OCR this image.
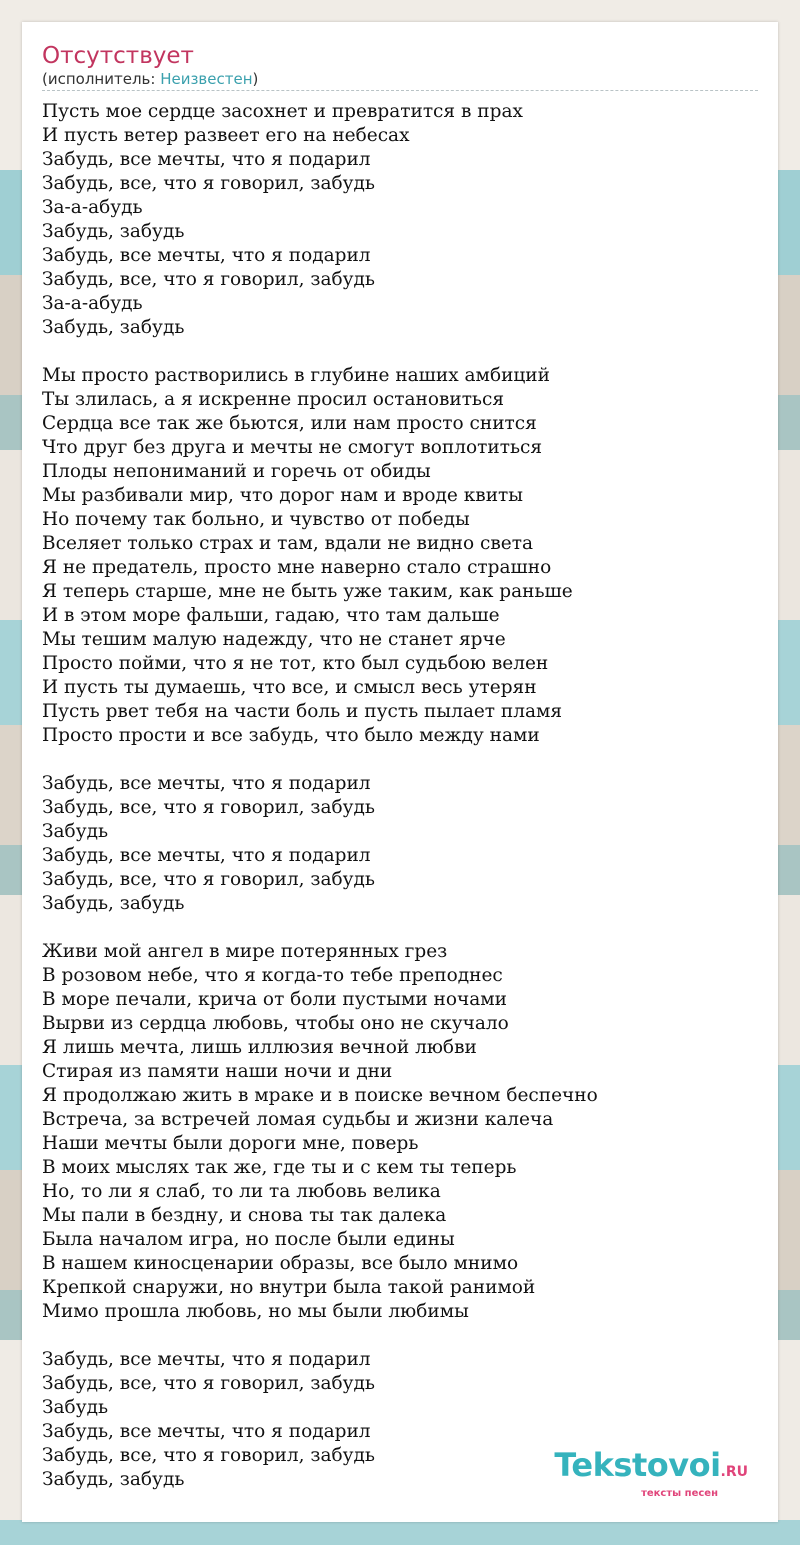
Отсутствует
(исполнитель: Неизвестен)
Пусть мое сердце засохнет и превратится в прах
И пусть ветер развеет его на небесах
Забудь, все мечты, что я подарил
Забудь, все, что я говорил, забудь
За-а-абудь
Забудь, забудь
Забудь, все мечты, что я подарил
Забудь, все, что я говорил, забудь
За-а-абудь
Забудь, забудь
Мы просто растворились в глубине наших амбиций
Ты злилась, а я искренне просил остановиться
Сердца все так же бьются, или нам просто снится
Что друг без друга и мечты не смогут воплотиться
Плоды непониманий и горечь от обиды
Мы разбивали мир, что дорог нам и вроде квиты
Но почему так больно, и чувство от победы
Вселяет только страх и там, вдали не видно света
Я не предатель, просто мне наверно стало страшно
Я теперь старше, мне не быть уже таким, как раньше
И в этом море фальши, гадаю, что там дальше
Мы тешим малую надежду, что не станет ярче
Просто пойми, что я не тот, кто был судьбою велен
И пусть ты думаешь, что все, и смысл весь утерян
Пусть рвет тебя на части боль и пусть пылает пламя
Просто прости и все забудь, что было между нами
Забудь, все мечты, что я подарил
Забудь, все, что я говорил, забудь
Забудь
Забудь, все мечты, что я подарил
Забудь, все, что я говорил, забудь
Забудь, забудь
Живи мой ангел в мире потерянных грез
В розовом небе, что я когда-то тебе преподнес
В море печали, крича от боли пустыми ночами
Вырви из сердца любовь, чтобы оно не скучало
Я лишь мечта, лишь иллюзия вечной любви
Стирая из памяти наши ночи и дни
Я продолжаю жить в мраке и в поиске вечном беспечно
Встреча, за встречей ломая судьбы и жизни калеча
Наши мечты были дороги мне, поверь
В моих мыслях так же, где ты и с кем ты теперь
Но, то ли я слаб, то ли та любовь велика
Мы пали в бездну, и снова ты так далека
Была началом игра, но после были едины
В нашем киносценарии образы, все было мнимо
Крепкой снаружи, но внутри была такой ранимой
Мимо прошла любовь, но мы были любимы
Забудь, все мечты, что я подарил
Забудь, все, что я говорил, забудь
Забудь
Забудь, все мечты, что я подарил
Забудь, все, что я говорил, забудь
Забудь, забудь	Tekstovoi.RU
тексты песен
